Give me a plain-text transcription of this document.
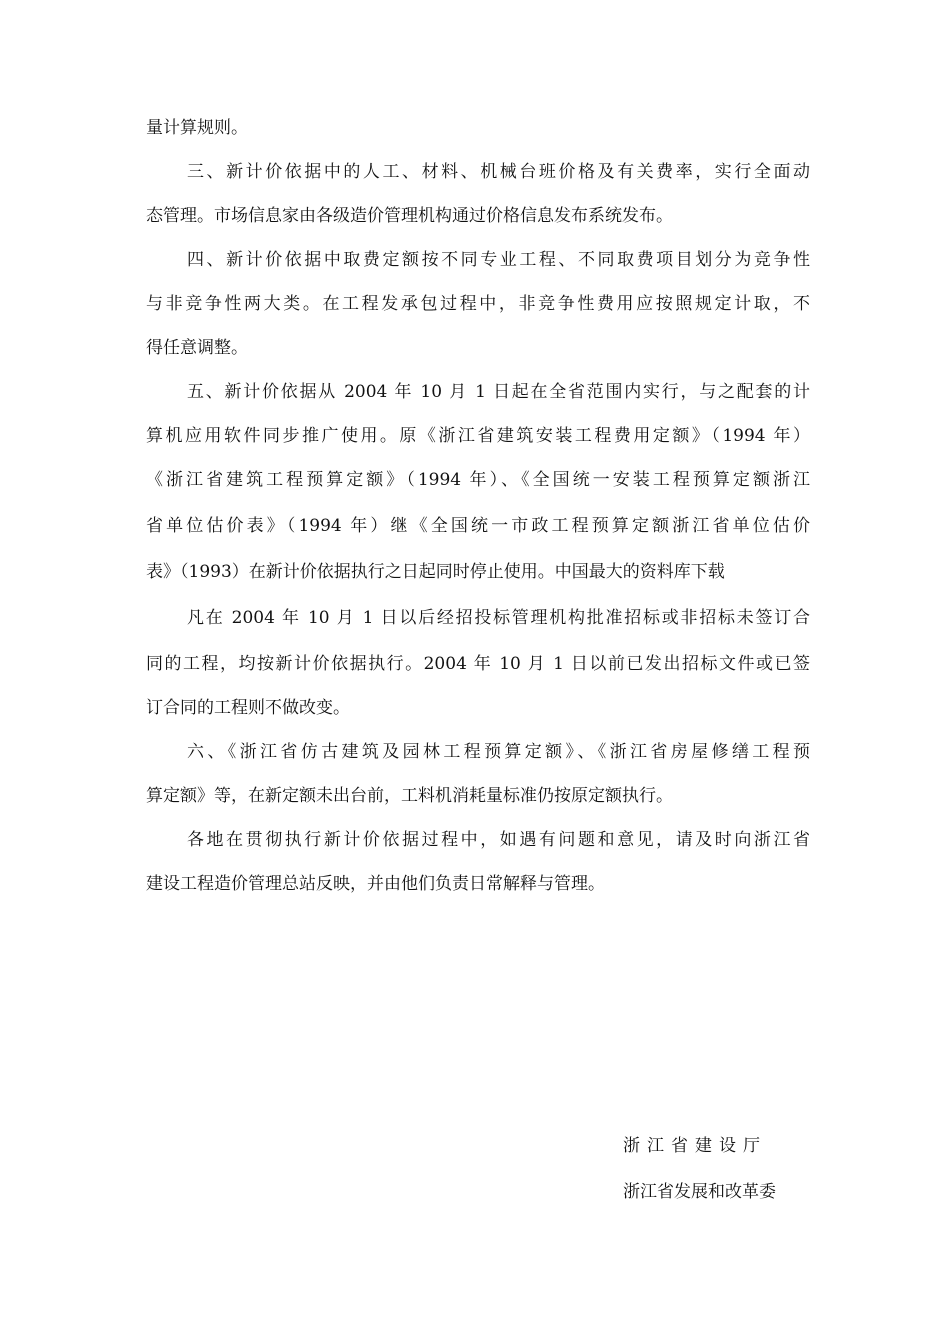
量计算规则。
三、新计价依据中的人工、材料、机械台班价格及有关费率，实行全面动
态管理。市场信息家由各级造价管理机构通过价格信息发布系统发布。
四、新计价依据中取费定额按不同专业工程、不同取费项目划分为竞争性
与非竞争性两大类。在工程发承包过程中，非竞争性费用应按照规定计取，不
得任意调整。
五、新计价依据从 2004 年 10 月 1 日起在全省范围内实行，与之配套的计
算机应用软件同步推广使用。原《浙江省建筑安装工程费用定额》（1994 年）
《浙江省建筑工程预算定额》（1994 年）、《全国统一安装工程预算定额浙江
省单位估价表》（1994 年）继《全国统一市政工程预算定额浙江省单位估价
表》（1993）在新计价依据执行之日起同时停止使用。中国最大的资料库下载
凡在 2004 年 10 月 1 日以后经招投标管理机构批准招标或非招标未签订合
同的工程，均按新计价依据执行。2004 年 10 月 1 日以前已发出招标文件或已签
订合同的工程则不做改变。
六、《浙江省仿古建筑及园林工程预算定额》、《浙江省房屋修缮工程预
算定额》等，在新定额未出台前，工料机消耗量标准仍按原定额执行。
各地在贯彻执行新计价依据过程中，如遇有问题和意见，请及时向浙江省
建设工程造价管理总站反映，并由他们负责日常解释与管理。
浙江省建设厅
浙江省发展和改革委
